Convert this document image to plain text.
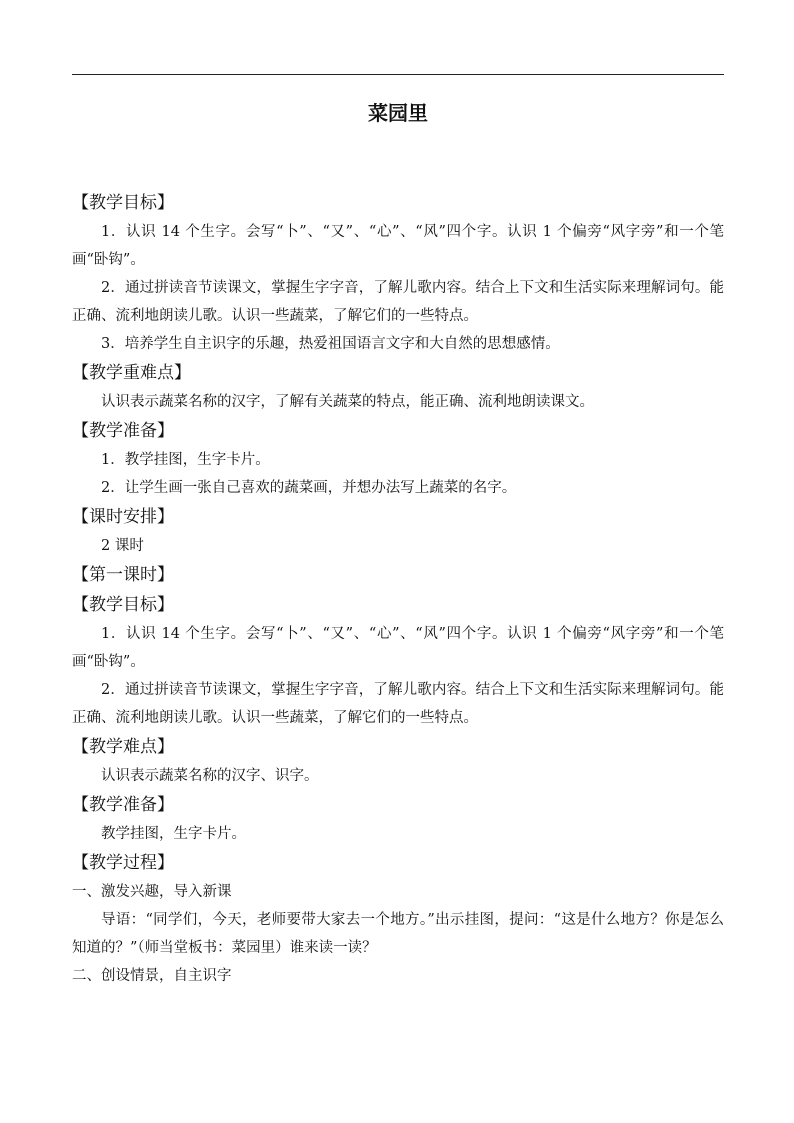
菜园里
【教学目标】

1．认识 14 个生字。会写“卜”、“又”、“心”、“风”四个字。认识 1 个偏旁“风字旁”和一个笔画“卧钩”。

2．通过拼读音节读课文，掌握生字字音，了解儿歌内容。结合上下文和生活实际来理解词句。能正确、流利地朗读儿歌。认识一些蔬菜，了解它们的一些特点。

3．培养学生自主识字的乐趣，热爱祖国语言文字和大自然的思想感情。

【教学重难点】

认识表示蔬菜名称的汉字，了解有关蔬菜的特点，能正确、流利地朗读课文。

【教学准备】

1．教学挂图，生字卡片。

2．让学生画一张自己喜欢的蔬菜画，并想办法写上蔬菜的名字。

【课时安排】

2 课时

【第一课时】
【教学目标】

1．认识 14 个生字。会写“卜”、“又”、“心”、“风”四个字。认识 1 个偏旁“风字旁”和一个笔画“卧钩”。

2．通过拼读音节读课文，掌握生字字音，了解儿歌内容。结合上下文和生活实际来理解词句。能正确、流利地朗读儿歌。认识一些蔬菜，了解它们的一些特点。

【教学难点】

认识表示蔬菜名称的汉字、识字。

【教学准备】

教学挂图，生字卡片。

【教学过程】

一、激发兴趣，导入新课

导语：“同学们，今天，老师要带大家去一个地方。”出示挂图，提问：“这是什么地方？你是怎么知道的？”（师当堂板书：菜园里）谁来读一读？

二、创设情景，自主识字
